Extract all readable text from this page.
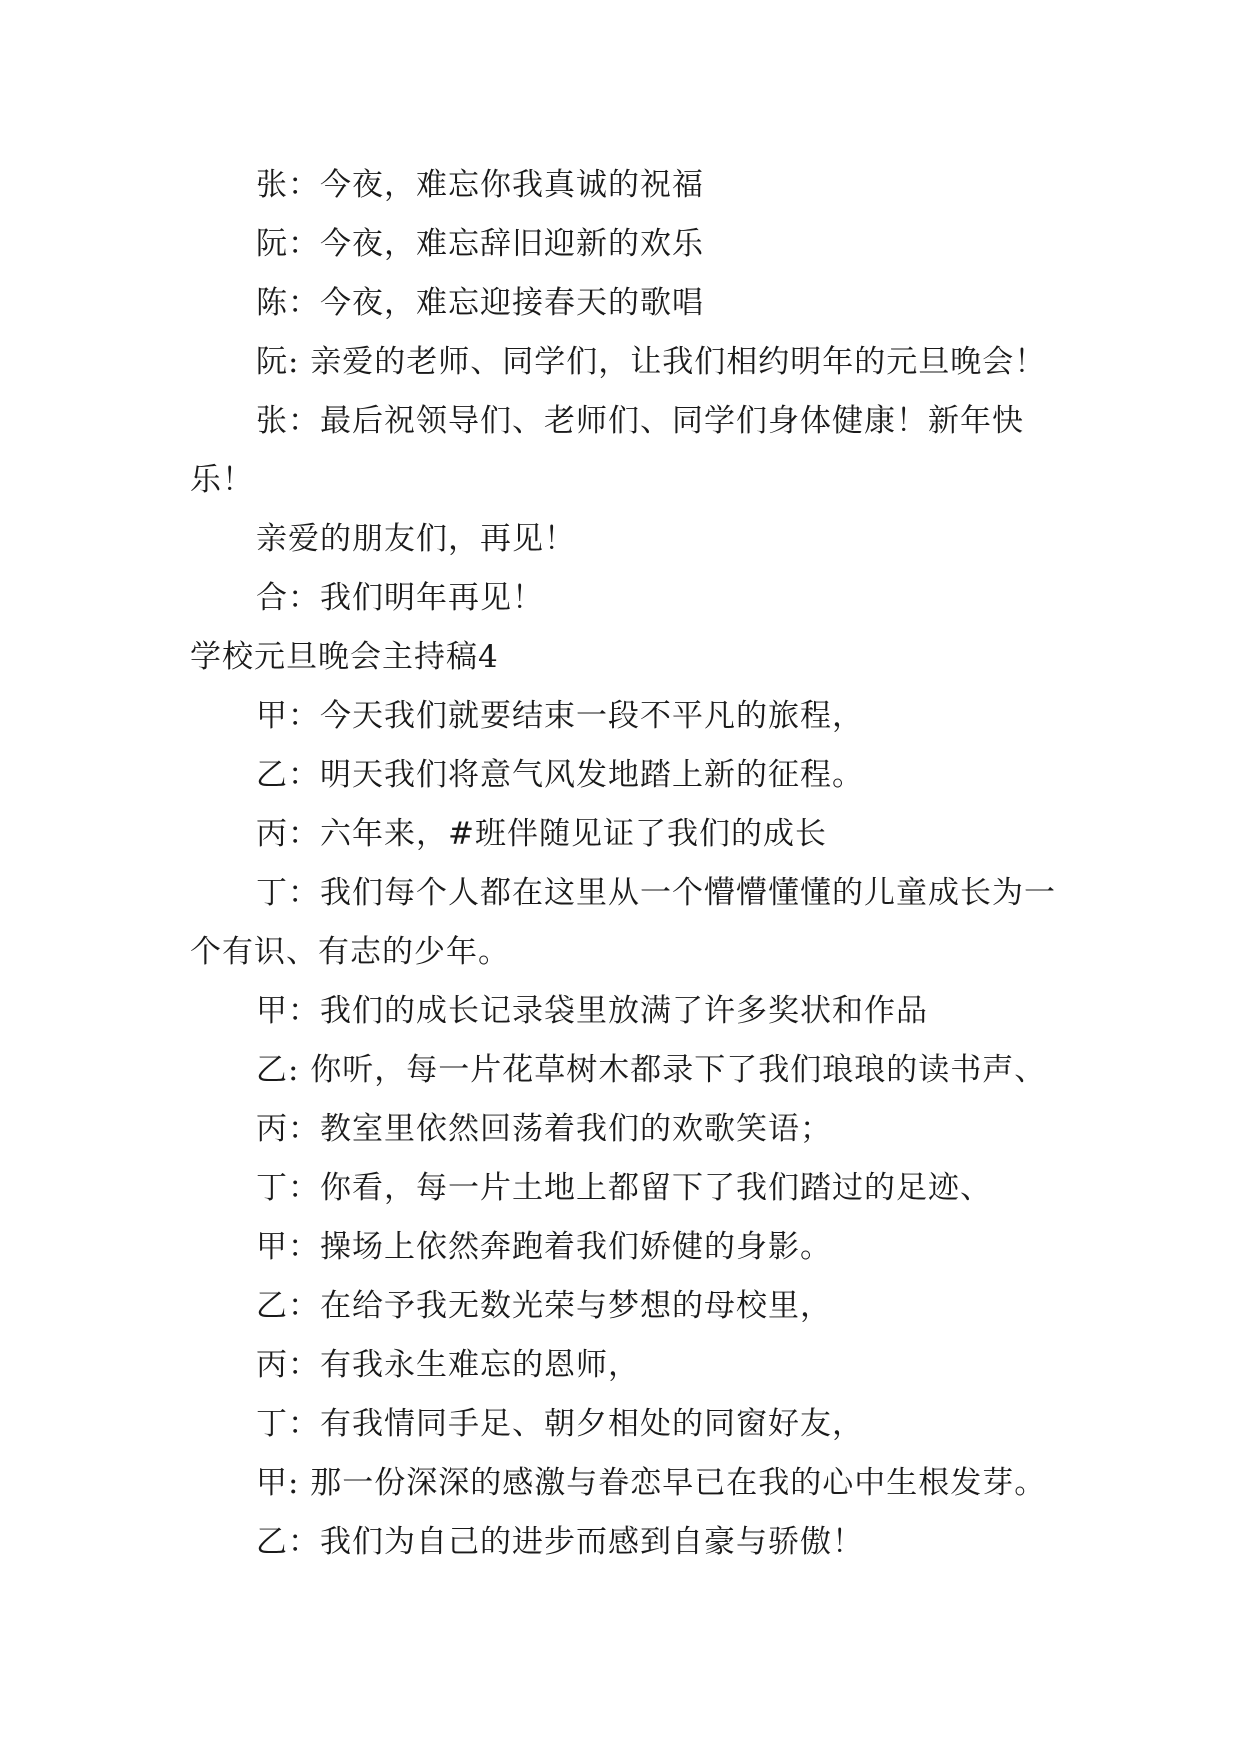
张：今夜，难忘你我真诚的祝福

阮：今夜，难忘辞旧迎新的欢乐

陈：今夜，难忘迎接春天的歌唱

阮: 亲爱的老师、同学们，让我们相约明年的元旦晚会！

张：最后祝领导们、老师们、同学们身体健康！新年快乐！

亲爱的朋友们，再见！

合：我们明年再见！

学校元旦晚会主持稿4

甲：今天我们就要结束一段不平凡的旅程，

乙：明天我们将意气风发地踏上新的征程。

丙：六年来，#班伴随见证了我们的成长

丁：我们每个人都在这里从一个懵懵懂懂的儿童成长为一个有识、有志的少年。

甲：我们的成长记录袋里放满了许多奖状和作品

乙: 你听，每一片花草树木都录下了我们琅琅的读书声、

丙：教室里依然回荡着我们的欢歌笑语；

丁：你看，每一片土地上都留下了我们踏过的足迹、

甲：操场上依然奔跑着我们娇健的身影。

乙：在给予我无数光荣与梦想的母校里，

丙：有我永生难忘的恩师，

丁：有我情同手足、朝夕相处的同窗好友，

甲: 那一份深深的感激与眷恋早已在我的心中生根发芽。

乙：我们为自己的进步而感到自豪与骄傲！
